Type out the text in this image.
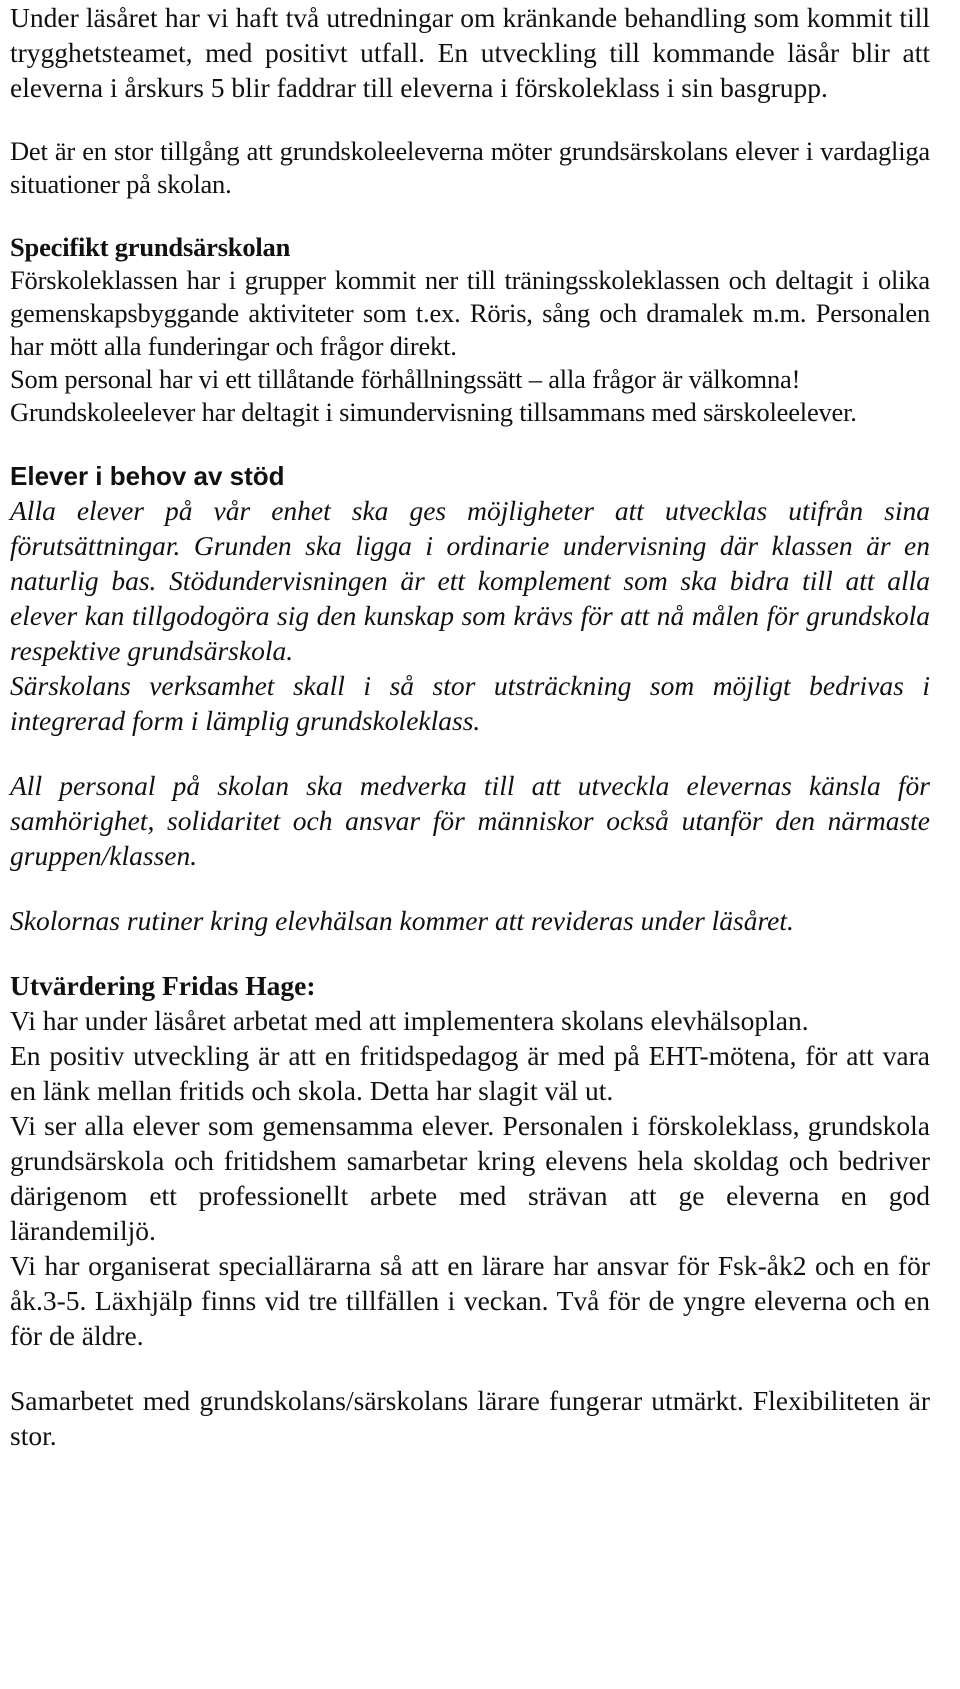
Under läsåret har vi haft två utredningar om kränkande behandling som kommit till trygghetsteamet, med positivt utfall. En utveckling till kommande läsår blir att eleverna i årskurs 5 blir faddrar till eleverna i förskoleklass i sin basgrupp.

Det är en stor tillgång att grundskoleeleverna möter grundsärskolans elever i vardagliga situationer på skolan.

Specifikt grundsärskolan

Förskoleklassen har i grupper kommit ner till träningsskoleklassen och deltagit i olika gemenskapsbyggande aktiviteter som t.ex. Röris, sång och dramalek m.m. Personalen har mött alla funderingar och frågor direkt.

Som personal har vi ett tillåtande förhållningssätt – alla frågor är välkomna!

Grundskoleelever har deltagit i simundervisning tillsammans med särskoleelever.

Elever i behov av stöd

Alla elever på vår enhet ska ges möjligheter att utvecklas utifrån sina förutsättningar. Grunden ska ligga i ordinarie undervisning där klassen är en naturlig bas. Stödundervisningen är ett komplement som ska bidra till att alla elever kan tillgodogöra sig den kunskap som krävs för att nå målen för grundskola respektive grundsärskola.

Särskolans verksamhet skall i så stor utsträckning som möjligt bedrivas i integrerad form i lämplig grundskoleklass.

All personal på skolan ska medverka till att utveckla elevernas känsla för samhörighet, solidaritet och ansvar för människor också utanför den närmaste gruppen/klassen.

Skolornas rutiner kring elevhälsan kommer att revideras under läsåret.

Utvärdering Fridas Hage:

Vi har under läsåret arbetat med att implementera skolans elevhälsoplan.

En positiv utveckling är att en fritidspedagog är med på EHT-mötena, för att vara en länk mellan fritids och skola. Detta har slagit väl ut.

Vi ser alla elever som gemensamma elever. Personalen i förskoleklass, grundskola grundsärskola och fritidshem samarbetar kring elevens hela skoldag och bedriver därigenom ett professionellt arbete med strävan att ge eleverna en god lärandemiljö.

Vi har organiserat speciallärarna så att en lärare har ansvar för Fsk-åk2 och en för åk.3-5. Läxhjälp finns vid tre tillfällen i veckan. Två för de yngre eleverna och en för de äldre.

Samarbetet med grundskolans/särskolans lärare fungerar utmärkt. Flexibiliteten är stor.
